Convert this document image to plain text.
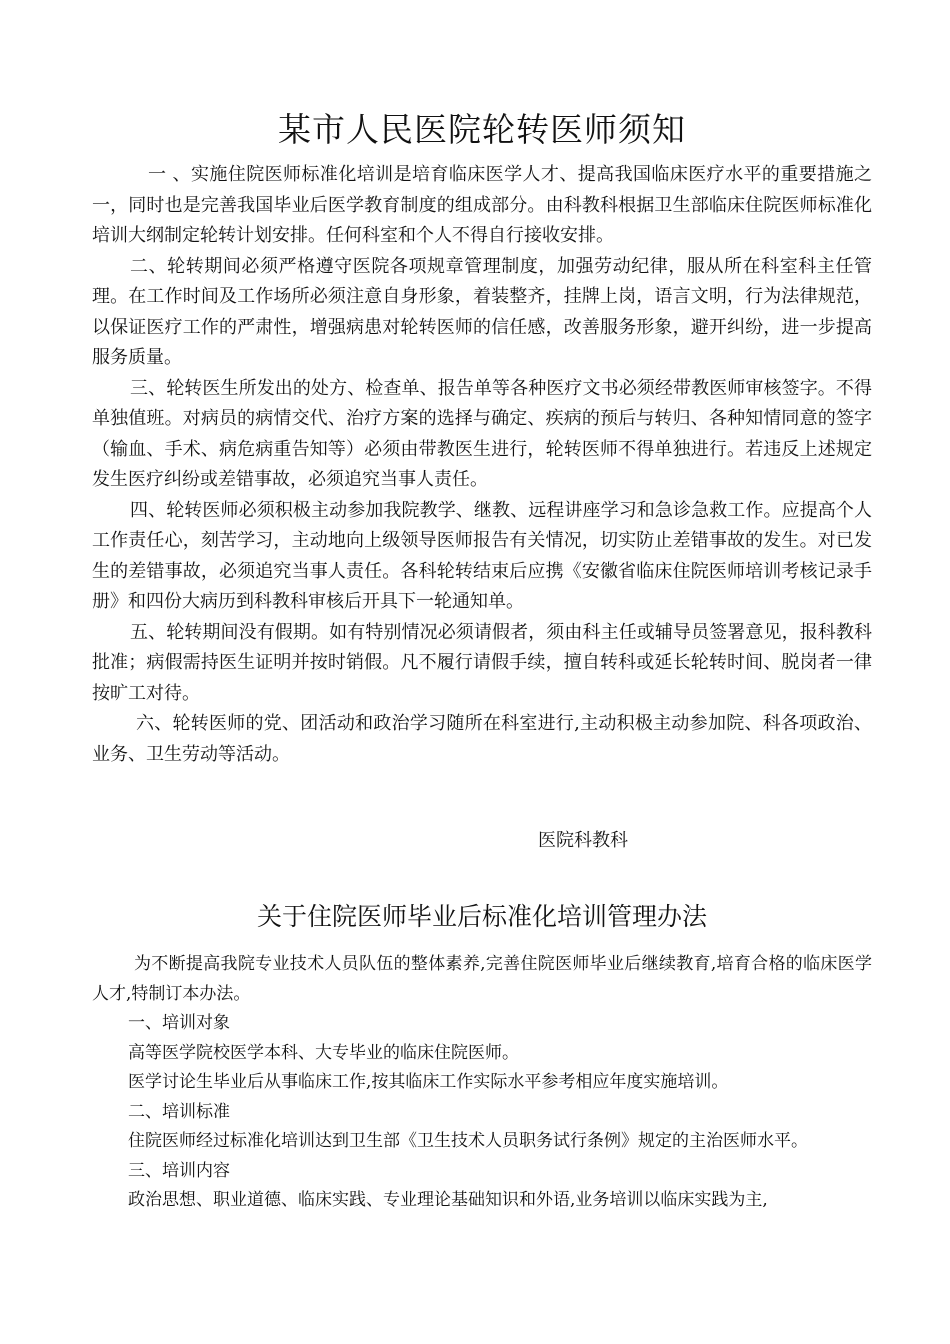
某市人民医院轮转医师须知

一 、实施住院医师标准化培训是培育临床医学人才、提高我国临床医疗水平的重要措施之一，同时也是完善我国毕业后医学教育制度的组成部分。由科教科根据卫生部临床住院医师标准化培训大纲制定轮转计划安排。任何科室和个人不得自行接收安排。

二、轮转期间必须严格遵守医院各项规章管理制度，加强劳动纪律，服从所在科室科主任管理。在工作时间及工作场所必须注意自身形象，着装整齐，挂牌上岗，语言文明，行为法律规范，以保证医疗工作的严肃性，增强病患对轮转医师的信任感，改善服务形象，避开纠纷，进一步提高服务质量。

三、轮转医生所发出的处方、检查单、报告单等各种医疗文书必须经带教医师审核签字。不得单独值班。对病员的病情交代、治疗方案的选择与确定、疾病的预后与转归、各种知情同意的签字（输血、手术、病危病重告知等）必须由带教医生进行，轮转医师不得单独进行。若违反上述规定发生医疗纠纷或差错事故，必须追究当事人责任。

四、轮转医师必须积极主动参加我院教学、继教、远程讲座学习和急诊急救工作。应提高个人工作责任心，刻苦学习，主动地向上级领导医师报告有关情况，切实防止差错事故的发生。对已发生的差错事故，必须追究当事人责任。各科轮转结束后应携《安徽省临床住院医师培训考核记录手册》和四份大病历到科教科审核后开具下一轮通知单。

五、轮转期间没有假期。如有特别情况必须请假者，须由科主任或辅导员签署意见，报科教科批准；病假需持医生证明并按时销假。凡不履行请假手续，擅自转科或延长轮转时间、脱岗者一律按旷工对待。

六、轮转医师的党、团活动和政治学习随所在科室进行,主动积极主动参加院、科各项政治、业务、卫生劳动等活动。

医院科教科
关于住院医师毕业后标准化培训管理办法

为不断提高我院专业技术人员队伍的整体素养,完善住院医师毕业后继续教育,培育合格的临床医学人才,特制订本办法。

一、培训对象

高等医学院校医学本科、大专毕业的临床住院医师。

医学讨论生毕业后从事临床工作,按其临床工作实际水平参考相应年度实施培训。

二、培训标准

住院医师经过标准化培训达到卫生部《卫生技术人员职务试行条例》规定的主治医师水平。

三、培训内容

政治思想、职业道德、临床实践、专业理论基础知识和外语,业务培训以临床实践为主,
